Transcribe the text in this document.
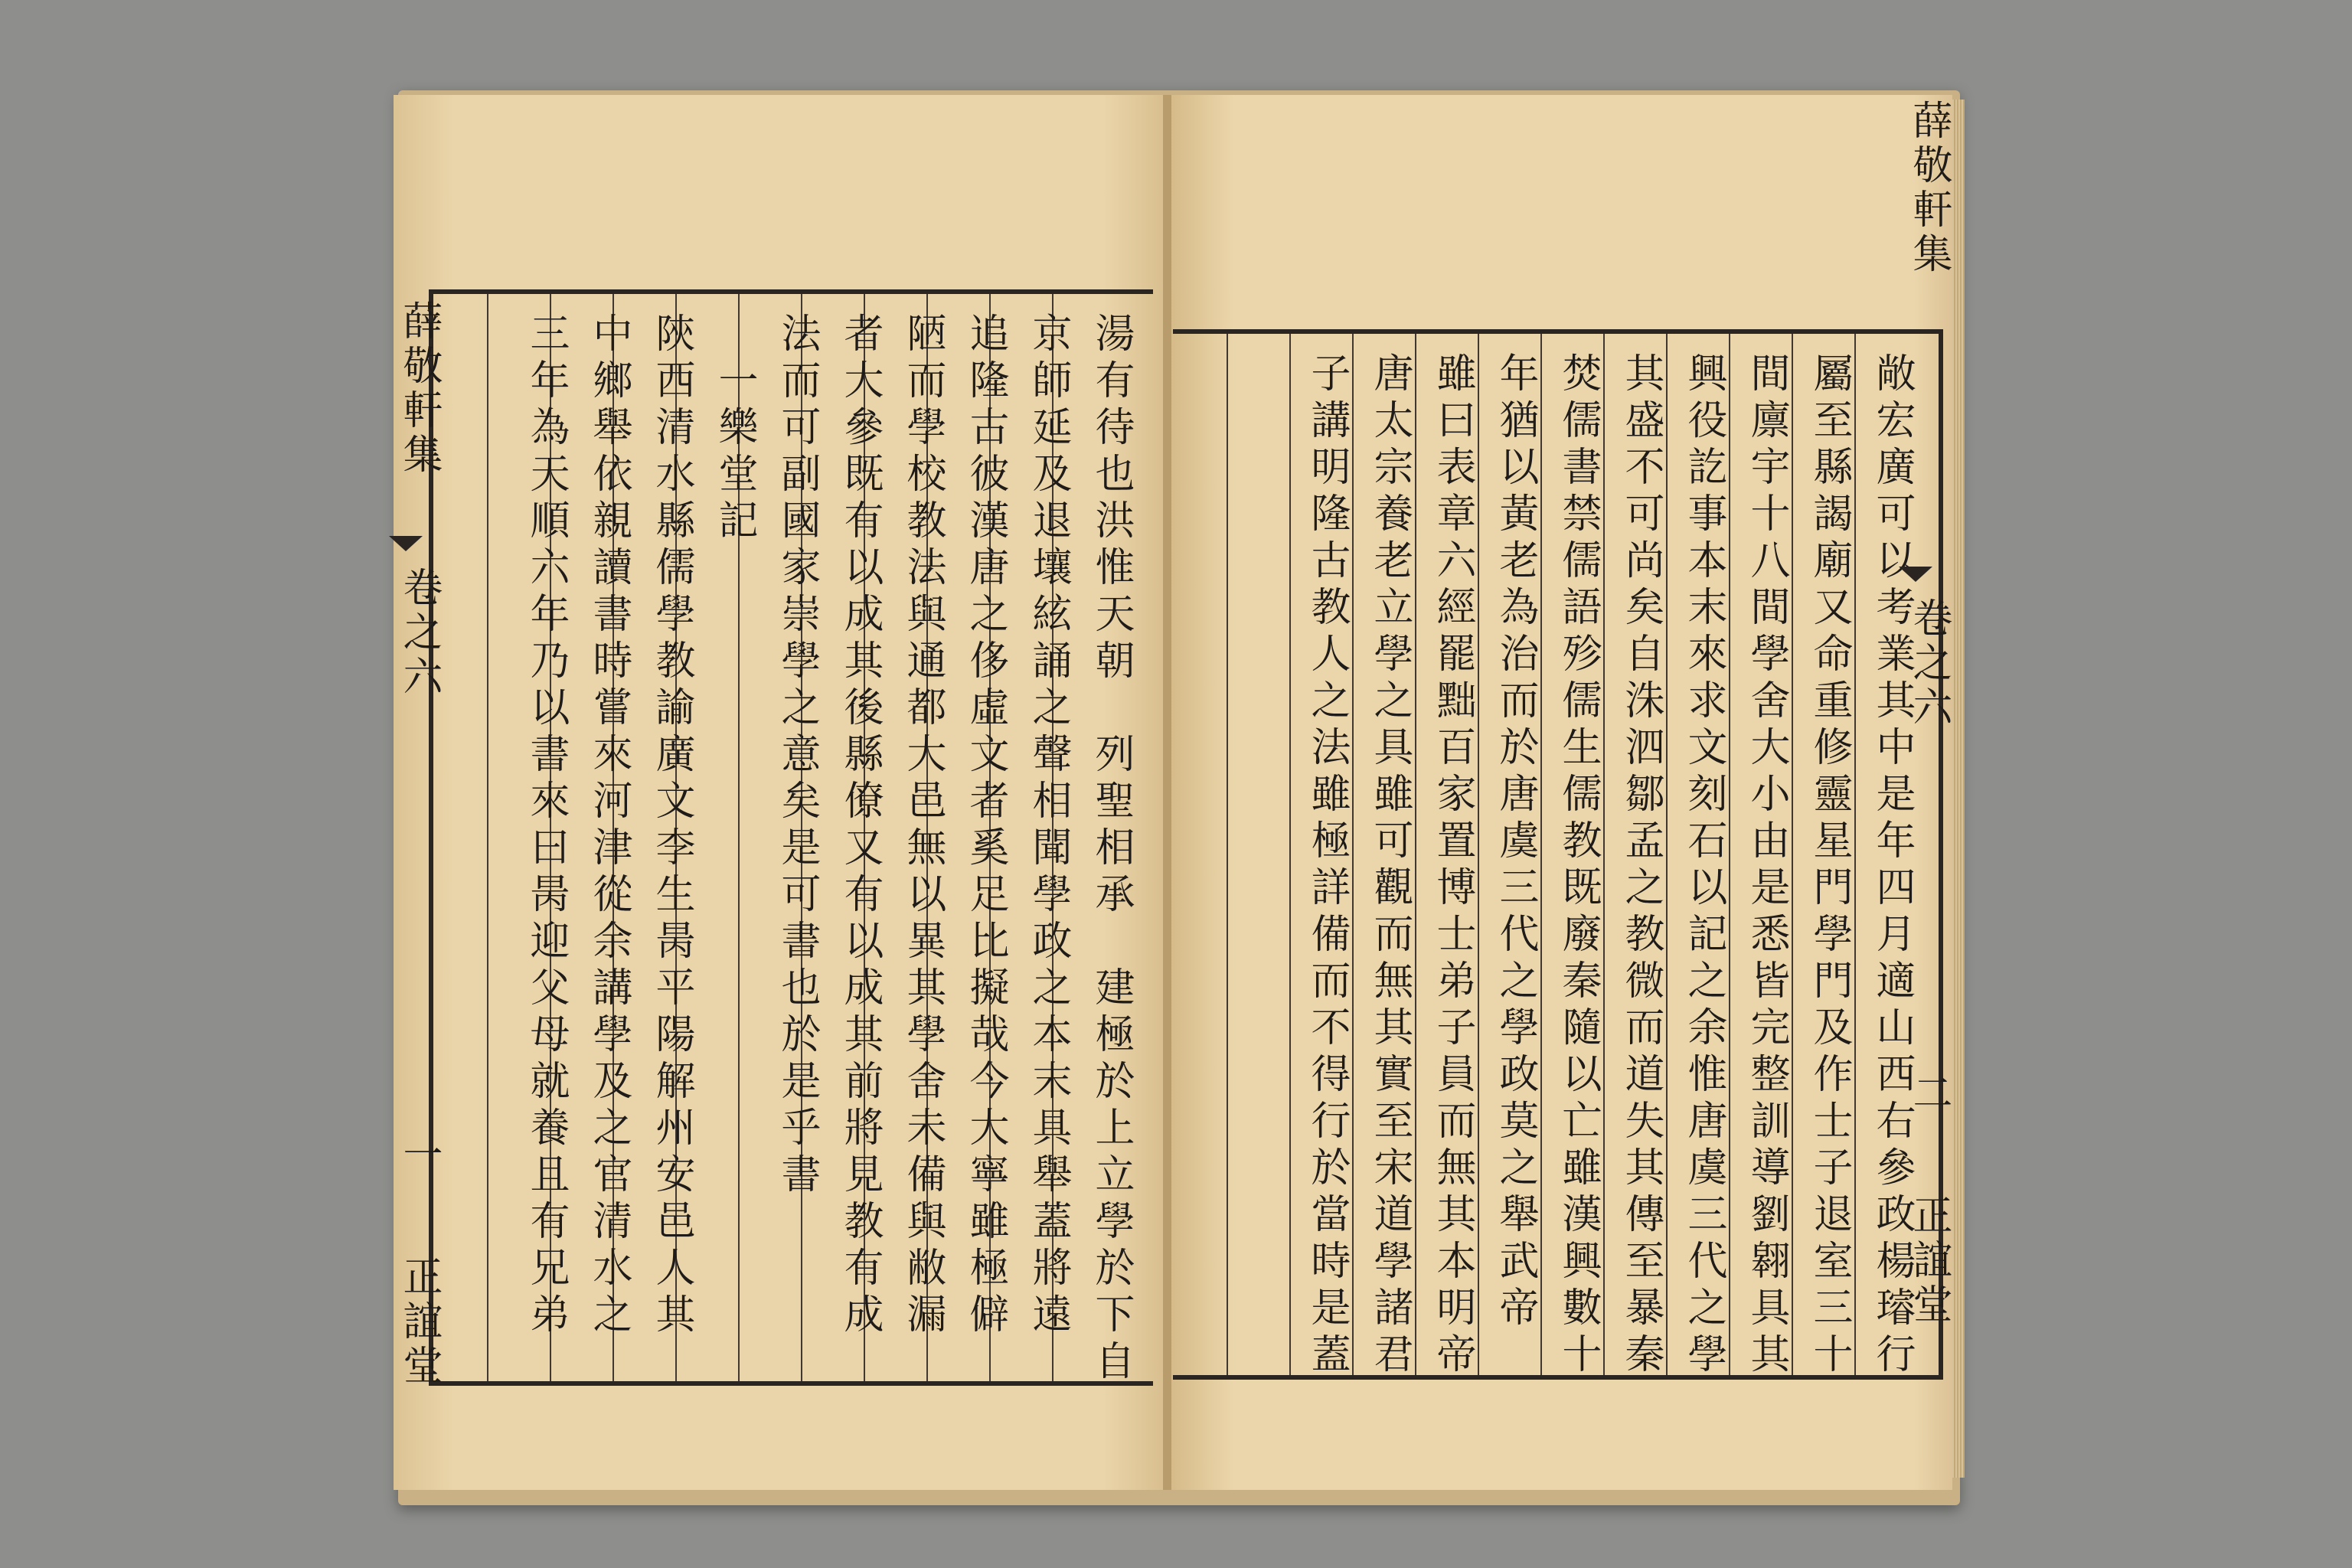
湯有待也洪惟天朝　列聖相承　建極於上立學於下自
京師延及退壤絃誦之聲相聞學政之本末具舉蓋將遠
追隆古彼漢唐之侈虛文者奚足比擬哉今大寧雖極僻
陋而學校教法與通都大邑無以異其學舍未備與敝漏
者大參既有以成其後縣僚又有以成其前將見教有成
法而可副國家崇學之意矣是可書也於是乎書
　一樂堂記
陝西清水縣儒學教諭廣文李生昺平陽解州安邑人其
中鄉舉依親讀書時嘗來河津從余講學及之官清水之
三年為天順六年乃以書來曰昺迎父母就養且有兄弟
薛敬軒集
卷之六
一
正誼堂	敞宏廣可以考業其中是年四月適山西右參政楊璿行
屬至縣謁廟又命重修靈星門學門及作士子退室三十
間廪宇十八間學舍大小由是悉皆完整訓導劉翱具其
興役訖事本末來求文刻石以記之余惟唐虞三代之學
其盛不可尚矣自洙泗鄒孟之教微而道失其傳至暴秦
焚儒書禁儒語殄儒生儒教既廢秦隨以亡雖漢興數十
年猶以黃老為治而於唐虞三代之學政莫之舉武帝
雖曰表章六經罷黜百家置博士弟子員而無其本明帝
唐太宗養老立學之具雖可觀而無其實至宋道學諸君
子講明隆古教人之法雖極詳備而不得行於當時是蓋
薛敬軒集
卷之六
二
正誼堂
